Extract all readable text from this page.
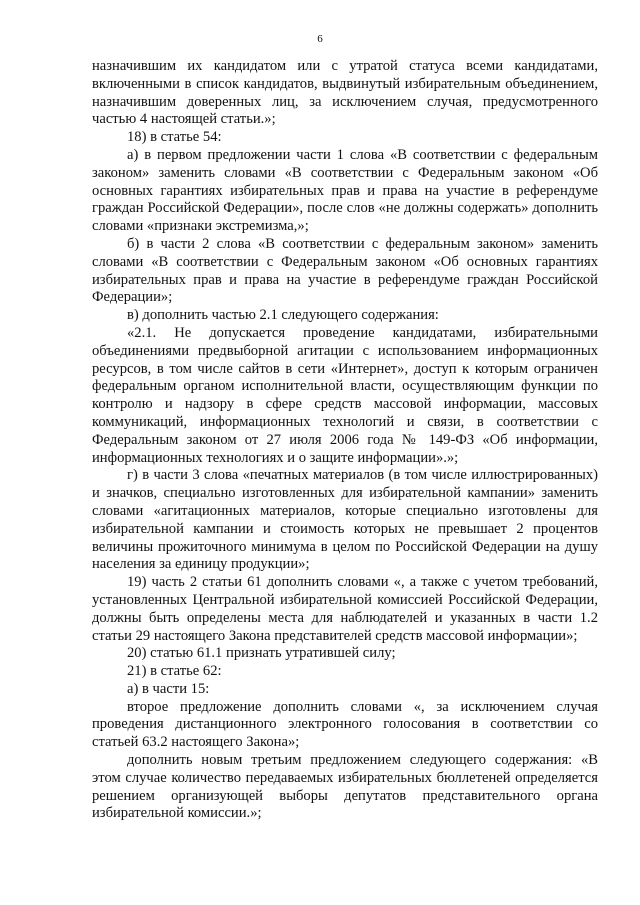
6

назначившим их кандидатом или с утратой статуса всеми кандидатами, включенными в список кандидатов, выдвинутый избирательным объединением, назначившим доверенных лиц, за исключением случая, предусмотренного частью 4 настоящей статьи.»;

18) в статье 54:

а) в первом предложении части 1 слова «В соответствии с федеральным законом» заменить словами «В соответствии с Федеральным законом «Об основных гарантиях избирательных прав и права на участие в референдуме граждан Российской Федерации», после слов «не должны содержать» дополнить словами «признаки экстремизма,»;

б) в части 2 слова «В соответствии с федеральным законом» заменить словами «В соответствии с Федеральным законом «Об основных гарантиях избирательных прав и права на участие в референдуме граждан Российской Федерации»;

в) дополнить частью 2.1 следующего содержания:

«2.1. Не допускается проведение кандидатами, избирательными объединениями предвыборной агитации с использованием информационных ресурсов, в том числе сайтов в сети «Интернет», доступ к которым ограничен федеральным органом исполнительной власти, осуществляющим функции по контролю и надзору в сфере средств массовой информации, массовых коммуникаций, информационных технологий и связи, в соответствии с Федеральным законом от 27 июля 2006 года № 149-ФЗ «Об информации, информационных технологиях и о защите информации».»;

г) в части 3 слова «печатных материалов (в том числе иллюстрированных) и значков, специально изготовленных для избирательной кампании» заменить словами «агитационных материалов, которые специально изготовлены для избирательной кампании и стоимость которых не превышает 2 процентов величины прожиточного минимума в целом по Российской Федерации на душу населения за единицу продукции»;

19) часть 2 статьи 61 дополнить словами «, а также с учетом требований, установленных Центральной избирательной комиссией Российской Федерации, должны быть определены места для наблюдателей и указанных в части 1.2 статьи 29 настоящего Закона представителей средств массовой информации»;

20) статью 61.1 признать утратившей силу;

21) в статье 62:

а) в части 15:

второе предложение дополнить словами «, за исключением случая проведения дистанционного электронного голосования в соответствии со статьей 63.2 настоящего Закона»;

дополнить новым третьим предложением следующего содержания: «В этом случае количество передаваемых избирательных бюллетеней определяется решением организующей выборы депутатов представительного органа избирательной комиссии.»;
